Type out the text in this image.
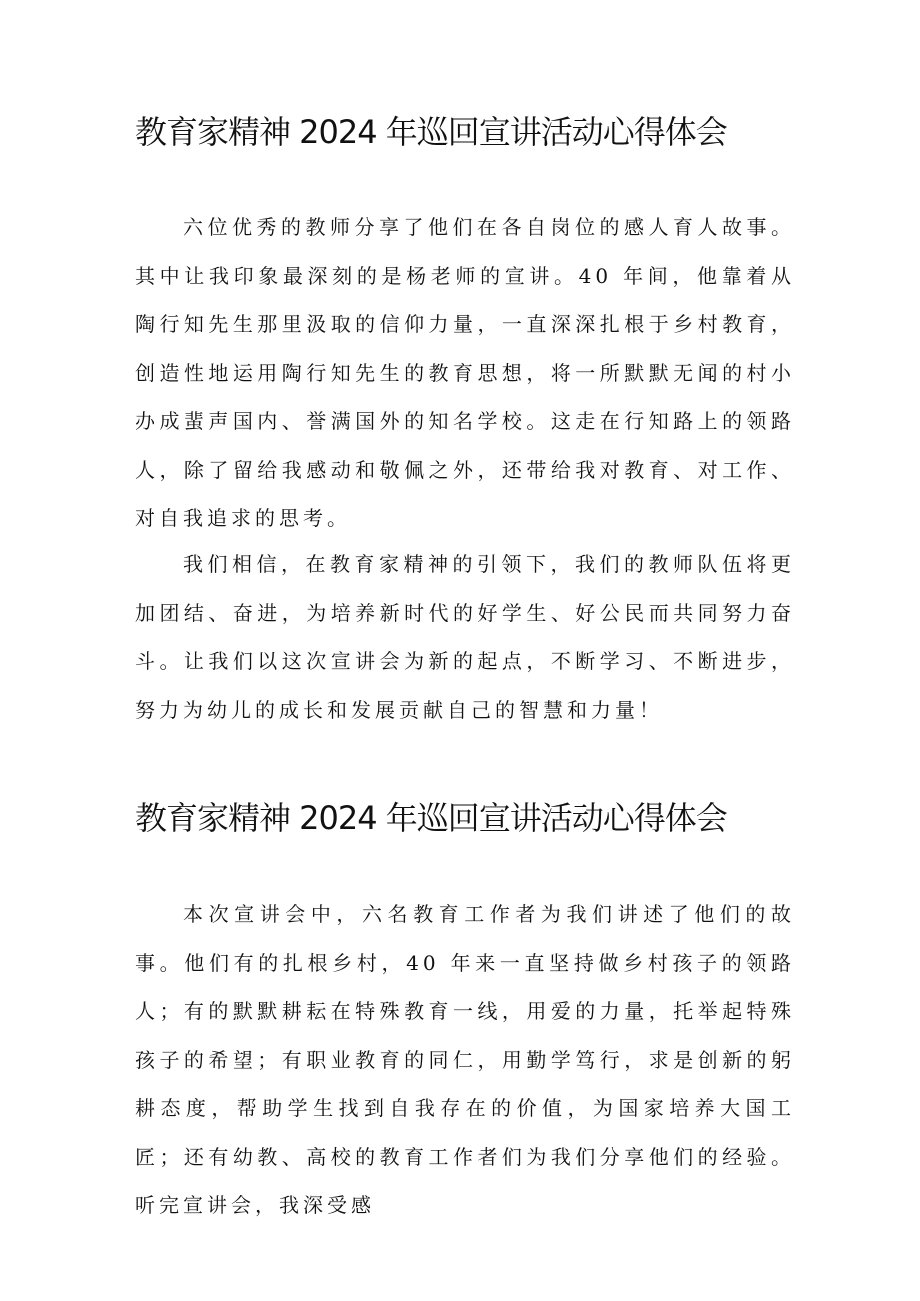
教育家精神 2024 年巡回宣讲活动心得体会

六位优秀的教师分享了他们在各自岗位的感人育人故事。其中让我印象最深刻的是杨老师的宣讲。40 年间，他靠着从陶行知先生那里汲取的信仰力量，一直深深扎根于乡村教育，创造性地运用陶行知先生的教育思想，将一所默默无闻的村小办成蜚声国内、誉满国外的知名学校。这走在行知路上的领路人，除了留给我感动和敬佩之外，还带给我对教育、对工作、对自我追求的思考。

我们相信，在教育家精神的引领下，我们的教师队伍将更加团结、奋进，为培养新时代的好学生、好公民而共同努力奋斗。让我们以这次宣讲会为新的起点，不断学习、不断进步，努力为幼儿的成长和发展贡献自己的智慧和力量！

教育家精神 2024 年巡回宣讲活动心得体会

本次宣讲会中，六名教育工作者为我们讲述了他们的故事。他们有的扎根乡村，40 年来一直坚持做乡村孩子的领路人；有的默默耕耘在特殊教育一线，用爱的力量，托举起特殊孩子的希望；有职业教育的同仁，用勤学笃行，求是创新的躬耕态度，帮助学生找到自我存在的价值，为国家培养大国工匠；还有幼教、高校的教育工作者们为我们分享他们的经验。听完宣讲会，我深受感
